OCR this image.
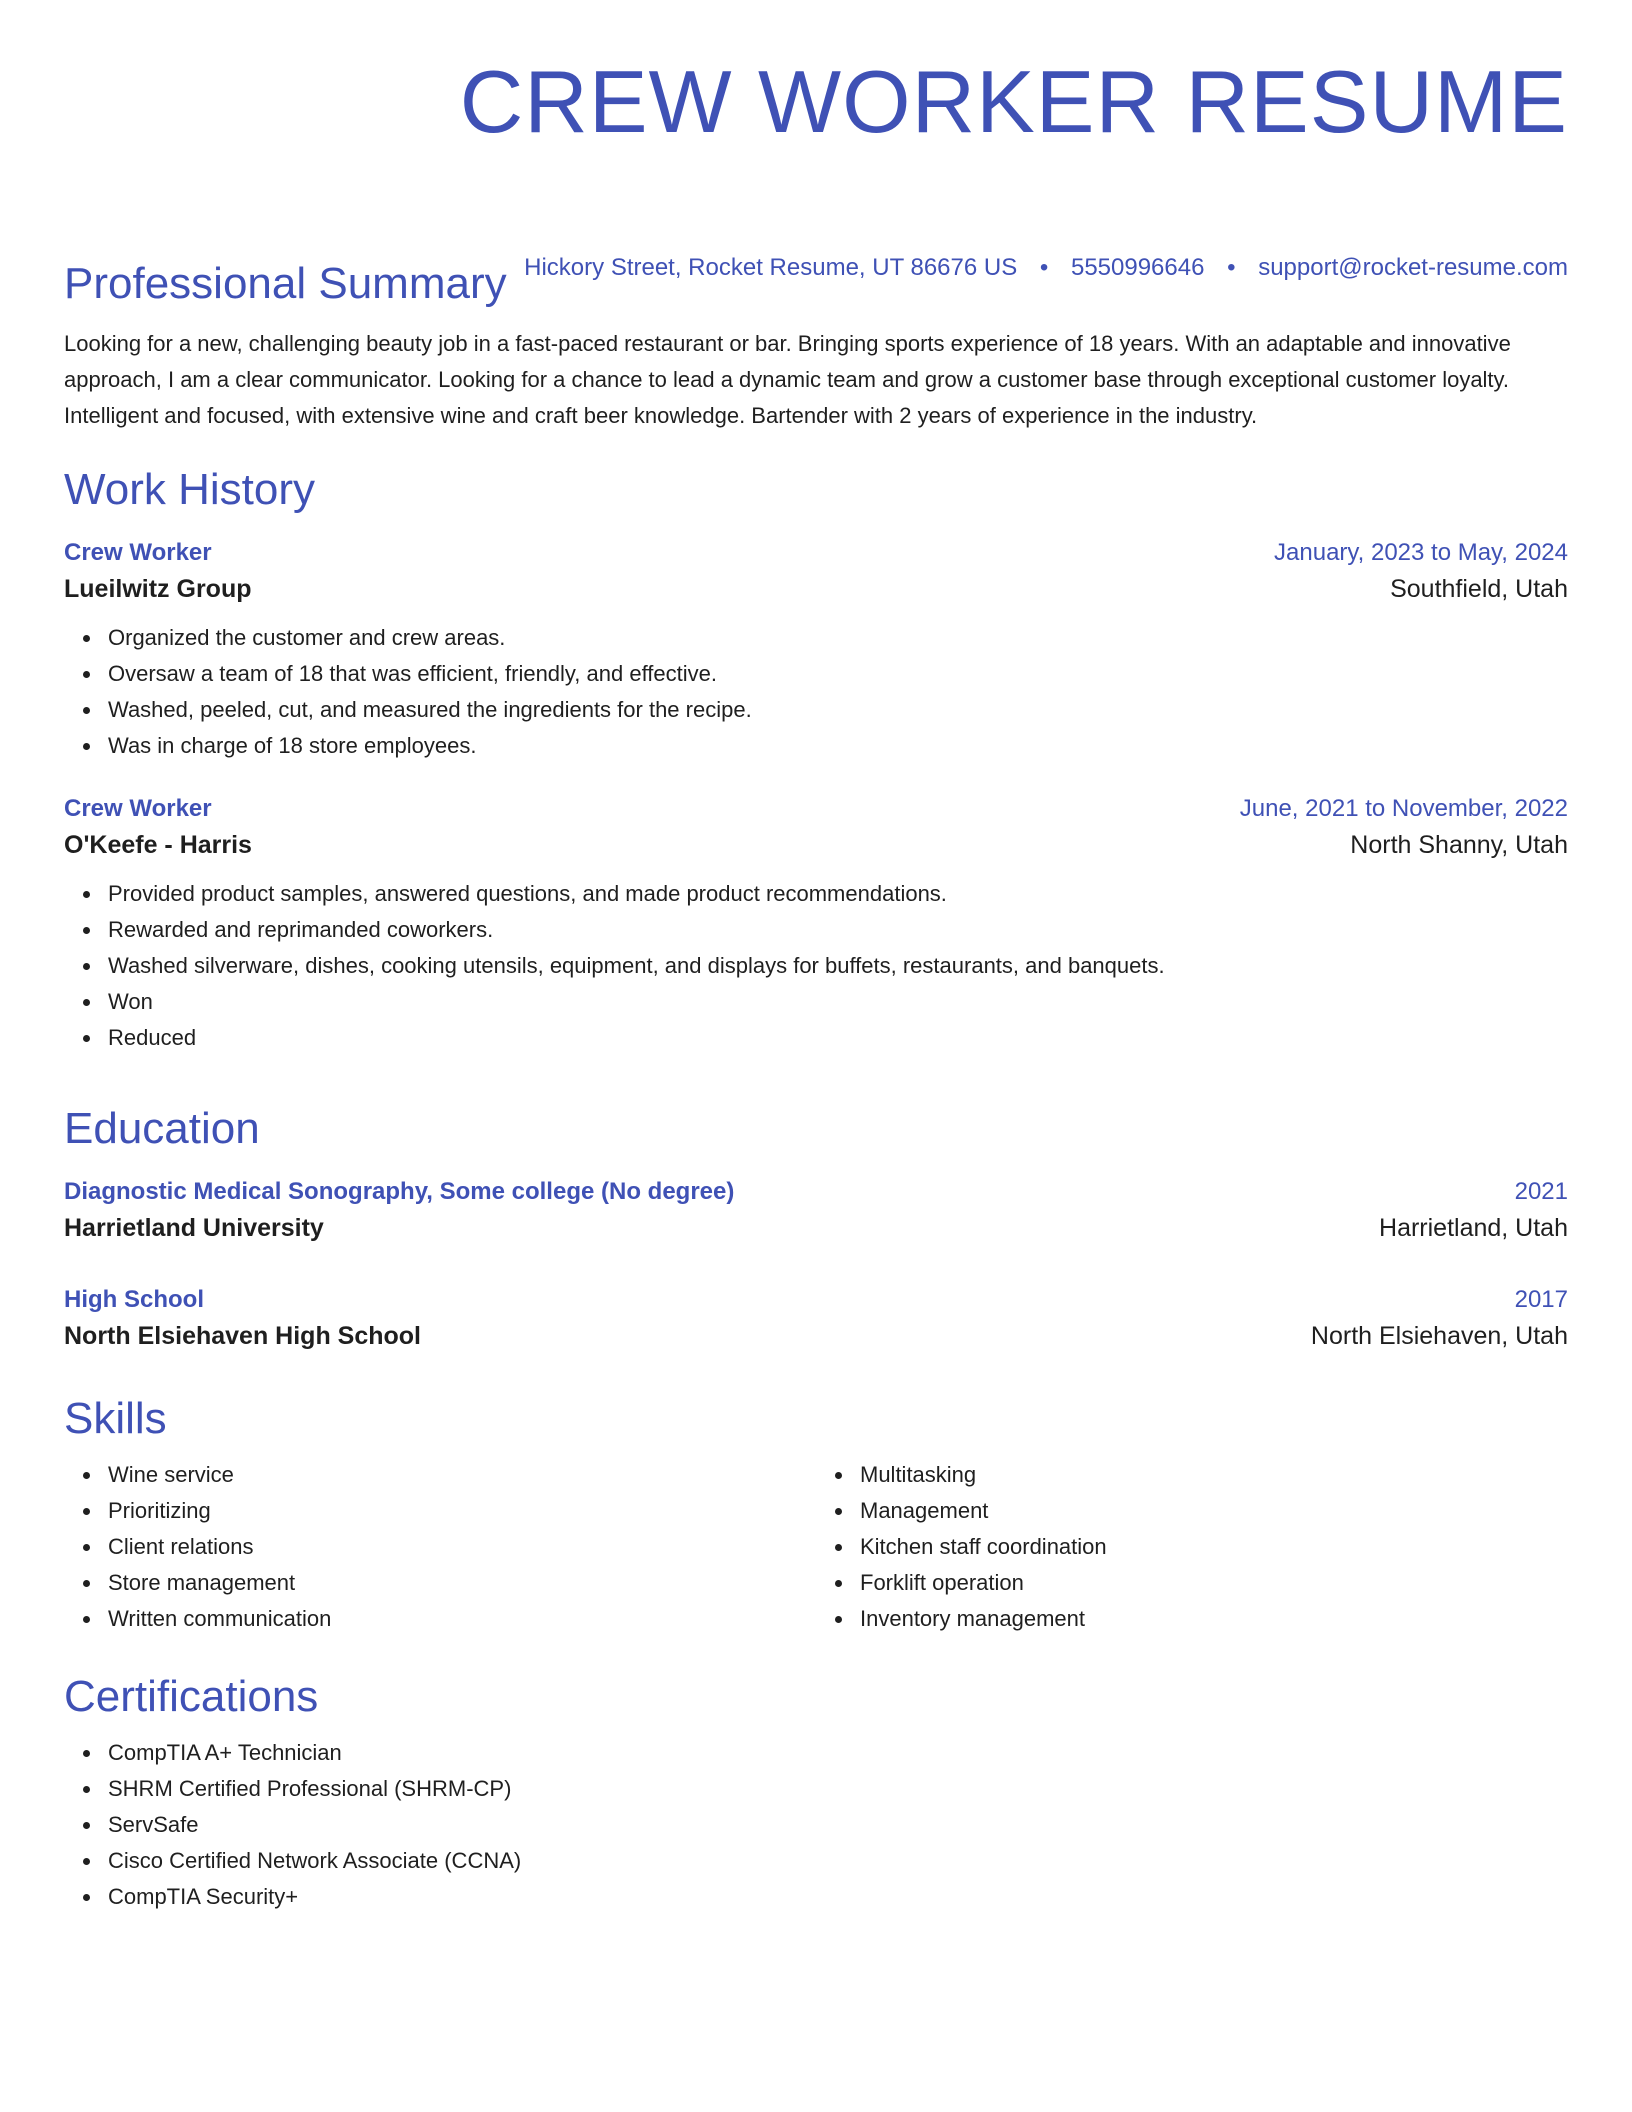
CREW WORKER RESUME
Hickory Street, Rocket Resume, UT 86676 US • 5550996646 • support@rocket-resume.com
Professional Summary

Looking for a new, challenging beauty job in a fast-paced restaurant or bar. Bringing sports experience of 18 years. With an adaptable and innovative approach, I am a clear communicator. Looking for a chance to lead a dynamic team and grow a customer base through exceptional customer loyalty. Intelligent and focused, with extensive wine and craft beer knowledge. Bartender with 2 years of experience in the industry.

Work History
Crew Worker	January, 2023 to May, 2024
Lueilwitz Group	Southfield, Utah
Organized the customer and crew areas.
Oversaw a team of 18 that was efficient, friendly, and effective.
Washed, peeled, cut, and measured the ingredients for the recipe.
Was in charge of 18 store employees.
Crew Worker	June, 2021 to November, 2022
O'Keefe - Harris	North Shanny, Utah
Provided product samples, answered questions, and made product recommendations.
Rewarded and reprimanded coworkers.
Washed silverware, dishes, cooking utensils, equipment, and displays for buffets, restaurants, and banquets.
Won
Reduced
Education
Diagnostic Medical Sonography, Some college (No degree)	2021
Harrietland University	Harrietland, Utah
High School	2017
North Elsiehaven High School	North Elsiehaven, Utah
Skills
Wine service
Prioritizing
Client relations
Store management
Written communication
Multitasking
Management
Kitchen staff coordination
Forklift operation
Inventory management
Certifications
CompTIA A+ Technician
SHRM Certified Professional (SHRM-CP)
ServSafe
Cisco Certified Network Associate (CCNA)
CompTIA Security+
